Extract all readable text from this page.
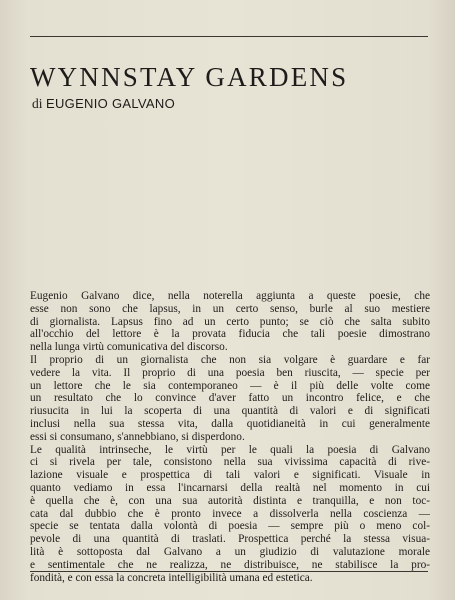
WYNNSTAY GARDENS

di EUGENIO GALVANO

Eugenio Galvano dice, nella noterella aggiunta a queste poesie, che
esse non sono che lapsus, in un certo senso, burle al suo mestiere
di giornalista. Lapsus fino ad un certo punto; se ciò che salta subito
all'occhio del lettore è la provata fiducia che tali poesie dimostrano
nella lunga virtù comunicativa del discorso.

Il proprio di un giornalista che non sia volgare è guardare e far
vedere la vita. Il proprio di una poesia ben riuscita, — specie per
un lettore che le sia contemporaneo — è il più delle volte come
un resultato che lo convince d'aver fatto un incontro felice, e che
riusucita in lui la scoperta di una quantità di valori e di significati
inclusi nella sua stessa vita, dalla quotidianeità in cui generalmente
essi si consumano, s'annebbiano, si disperdono.

Le qualità intrinseche, le virtù per le quali la poesia di Galvano
ci si rivela per tale, consistono nella sua vivissima capacità di rive-
lazione visuale e prospettica di tali valori e significati. Visuale in
quanto vediamo in essa l'incarnarsi della realtà nel momento in cui
è quella che è, con una sua autorità distinta e tranquilla, e non toc-
cata dal dubbio che è pronto invece a dissolverla nella coscienza —
specie se tentata dalla volontà di poesia — sempre più o meno col-
pevole di una quantità di traslati. Prospettica perché la stessa visua-
lità è sottoposta dal Galvano a un giudizio di valutazione morale
e sentimentale che ne realizza, ne distribuisce, ne stabilisce la pro-
fondità, e con essa la concreta intelligibilità umana ed estetica.
